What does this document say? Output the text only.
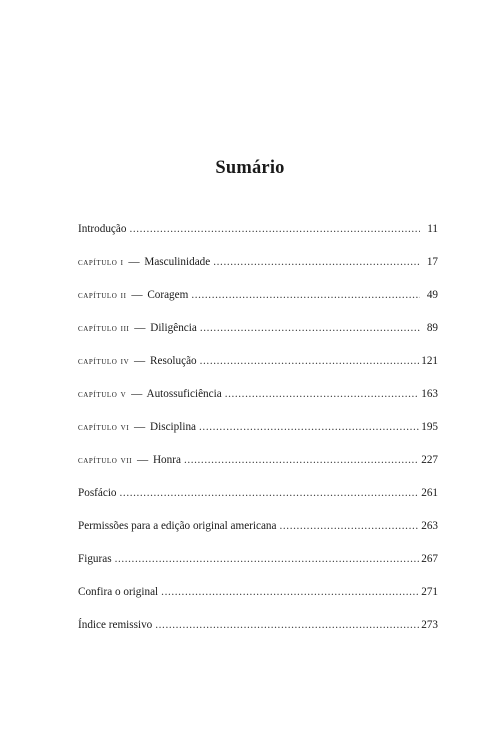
Sumário
Introdução .....	11
capítulo i — Masculinidade .....	17
capítulo ii — Coragem .....	49
capítulo iii — Diligência .....	89
capítulo iv — Resolução .....	121
capítulo v — Autossuficiência .....	163
capítulo vi — Disciplina .....	195
capítulo vii — Honra .....	227
Posfácio .....	261
Permissões para a edição original americana .....	263
Figuras .....	267
Confira o original .....	271
Índice remissivo .....	273
